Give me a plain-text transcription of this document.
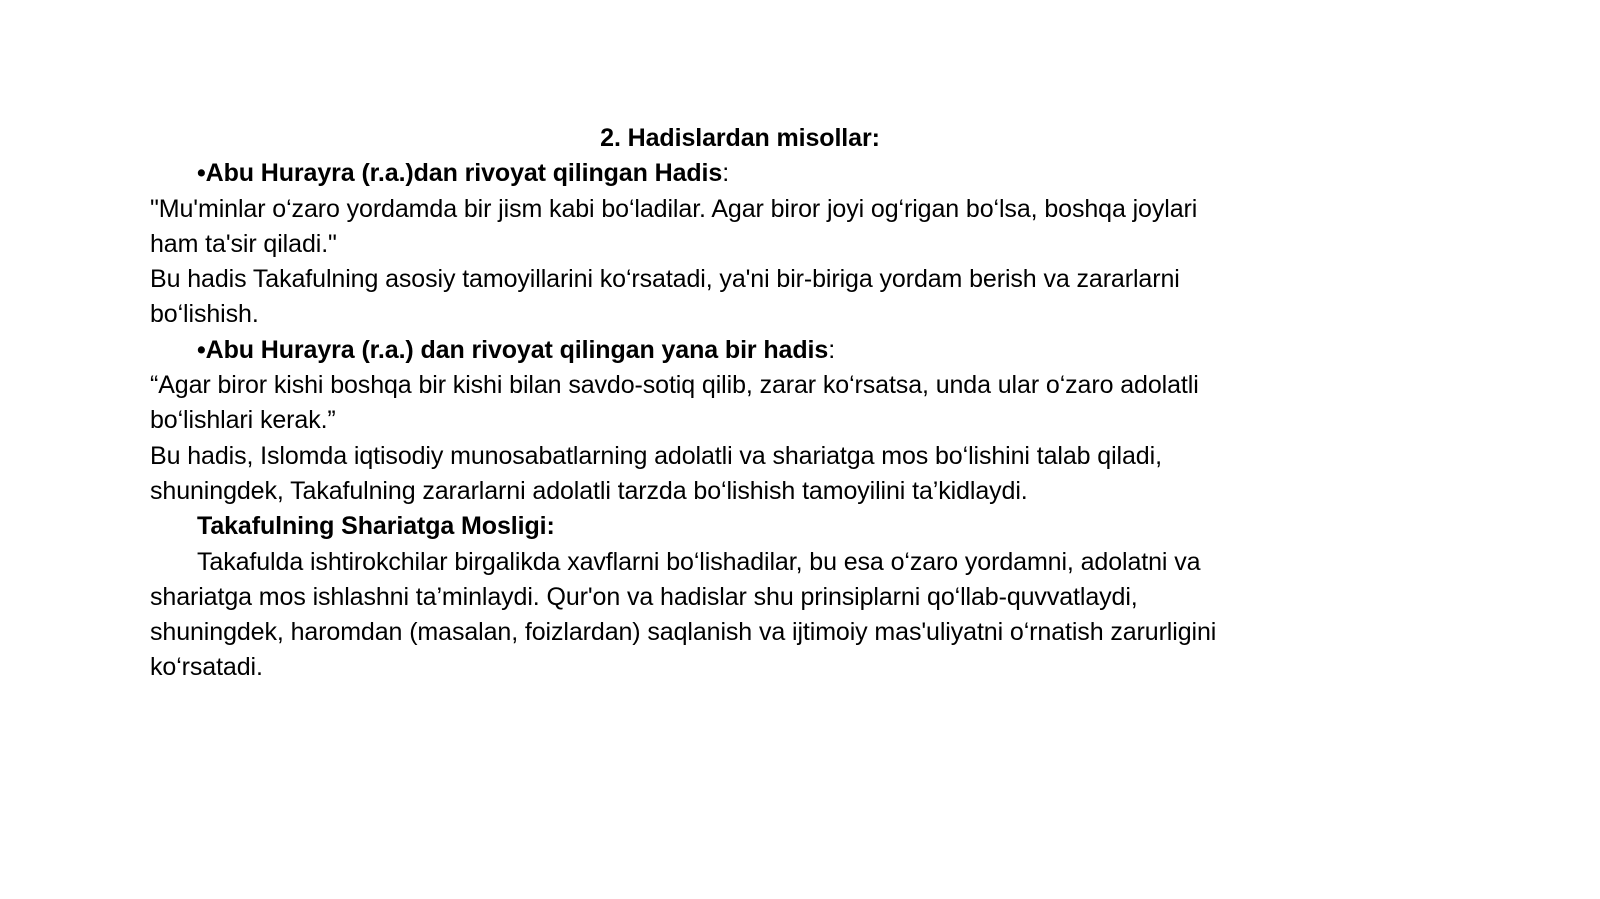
2. Hadislardan misollar:
•Abu Hurayra (r.a.)dan rivoyat qilingan Hadis:
"Mu'minlar o‘zaro yordamda bir jism kabi bo‘ladilar. Agar biror joyi og‘rigan bo‘lsa, boshqa joylari
ham ta'sir qiladi."
Bu hadis Takafulning asosiy tamoyillarini ko‘rsatadi, ya'ni bir-biriga yordam berish va zararlarni
bo‘lishish.
•Abu Hurayra (r.a.) dan rivoyat qilingan yana bir hadis:
“Agar biror kishi boshqa bir kishi bilan savdo-sotiq qilib, zarar ko‘rsatsa, unda ular o‘zaro adolatli
bo‘lishlari kerak.”
Bu hadis, Islomda iqtisodiy munosabatlarning adolatli va shariatga mos bo‘lishini talab qiladi,
shuningdek, Takafulning zararlarni adolatli tarzda bo‘lishish tamoyilini ta’kidlaydi.
Takafulning Shariatga Mosligi:
Takafulda ishtirokchilar birgalikda xavflarni bo‘lishadilar, bu esa o‘zaro yordamni, adolatni va
shariatga mos ishlashni ta’minlaydi. Qur'on va hadislar shu prinsiplarni qo‘llab-quvvatlaydi,
shuningdek, haromdan (masalan, foizlardan) saqlanish va ijtimoiy mas'uliyatni o‘rnatish zarurligini
ko‘rsatadi.
